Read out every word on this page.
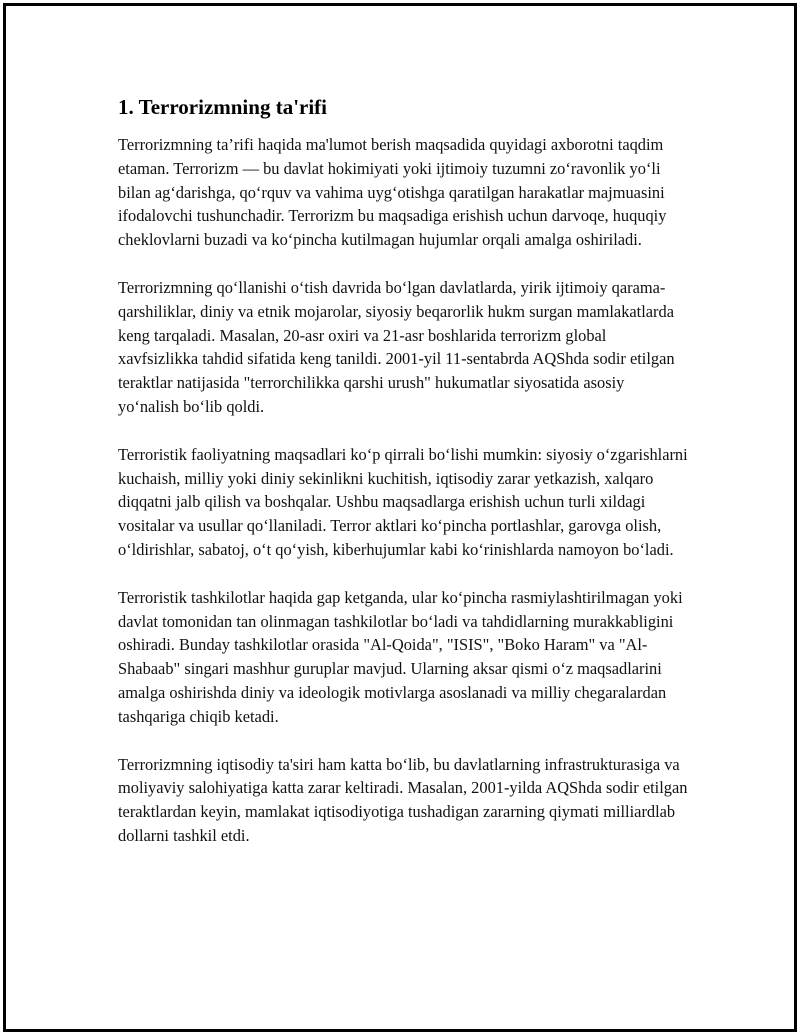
1. Terrorizmning ta'rifi

Terrorizmning ta’rifi haqida ma'lumot berish maqsadida quyidagi axborotni taqdim etaman. Terrorizm — bu davlat hokimiyati yoki ijtimoiy tuzumni zo‘ravonlik yo‘li bilan ag‘darishga, qo‘rquv va vahima uyg‘otishga qaratilgan harakatlar majmuasini ifodalovchi tushunchadir. Terrorizm bu maqsadiga erishish uchun darvoqe, huquqiy cheklovlarni buzadi va ko‘pincha kutilmagan hujumlar orqali amalga oshiriladi.

Terrorizmning qo‘llanishi o‘tish davrida bo‘lgan davlatlarda, yirik ijtimoiy qarama-qarshiliklar, diniy va etnik mojarolar, siyosiy beqarorlik hukm surgan mamlakatlarda keng tarqaladi. Masalan, 20-asr oxiri va 21-asr boshlarida terrorizm global xavfsizlikka tahdid sifatida keng tanildi. 2001-yil 11-sentabrda AQShda sodir etilgan teraktlar natijasida "terrorchilikka qarshi urush" hukumatlar siyosatida asosiy yo‘nalish bo‘lib qoldi.

Terroristik faoliyatning maqsadlari ko‘p qirrali bo‘lishi mumkin: siyosiy o‘zgarishlarni kuchaish, milliy yoki diniy sekinlikni kuchitish, iqtisodiy zarar yetkazish, xalqaro diqqatni jalb qilish va boshqalar. Ushbu maqsadlarga erishish uchun turli xildagi vositalar va usullar qo‘llaniladi. Terror aktlari ko‘pincha portlashlar, garovga olish, o‘ldirishlar, sabatoj, o‘t qo‘yish, kiberhujumlar kabi ko‘rinishlarda namoyon bo‘ladi.

Terroristik tashkilotlar haqida gap ketganda, ular ko‘pincha rasmiylashtirilmagan yoki davlat tomonidan tan olinmagan tashkilotlar bo‘ladi va tahdidlarning murakkabligini oshiradi. Bunday tashkilotlar orasida "Al-Qoida", "ISIS", "Boko Haram" va "Al-Shabaab" singari mashhur guruplar mavjud. Ularning aksar qismi o‘z maqsadlarini amalga oshirishda diniy va ideologik motivlarga asoslanadi va milliy chegaralardan tashqariga chiqib ketadi.

Terrorizmning iqtisodiy ta'siri ham katta bo‘lib, bu davlatlarning infrastrukturasiga va moliyaviy salohiyatiga katta zarar keltiradi. Masalan, 2001-yilda AQShda sodir etilgan teraktlardan keyin, mamlakat iqtisodiyotiga tushadigan zararning qiymati milliardlab dollarni tashkil etdi.
